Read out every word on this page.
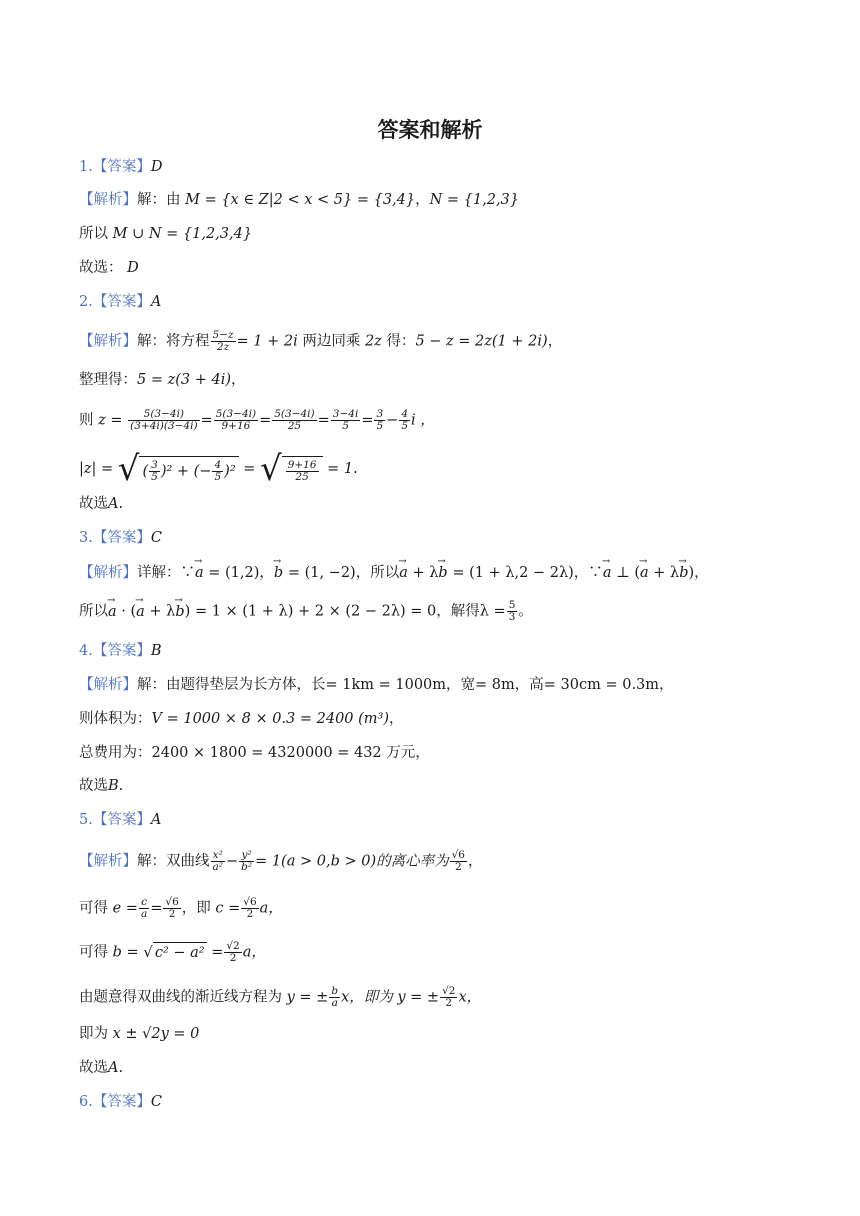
答案和解析
1.【答案】D
【解析】解：由 M = {x ∈ Z|2 < x < 5} = {3,4}，N = {1,2,3}
所以 M ∪ N = {1,2,3,4}
故选： D
2.【答案】A
【解析】解：将方程 $\frac{5-z}{2z} = 1 + 2i$ 两边同乘 2z 得：5 − z = 2z(1 + 2i)，
整理得：5 = z(3 + 4i)，
则 $z = \frac{5(3-4i)}{(3+4i)(3-4i)} = \frac{5(3-4i)}{9+16} = \frac{5(3-4i)}{25} = \frac{3-4i}{5} = \frac{3}{5} - \frac{4}{5}$ i ，
|z| = √ ( $\frac{3}{5} )^2$ + (− $\frac{4}{5} )^2$ = √ $\frac{9+16}{25} = 1$.
故选A.
3.【答案】C
【解析】详解：∵→ a = (1,2)，→ b = (1, −2)，所以→ a + λ→ b = (1 + λ,2 − 2λ)，∵→ a ⊥ (→ a + λ→ b)，
所以→ a · (→ a + λ→ b) = 1 × (1 + λ) + 2 × (2 − 2λ) = 0，解得$\lambda = \frac{5}{3}$ 。
4.【答案】B
【解析】解：由题得垫层为长方体，长= 1km = 1000m，宽= 8m，高= 30cm = 0.3m，
则体积为：V = 1000 × 8 × 0.3 = 2400 (m³)，
总费用为：2400 × 1800 = 4320000 = 432 万元，
故选B.
5.【答案】A
【解析】解：双曲线 $\frac{\text{x²}}{\text{a²}} - \frac{\text{y²}}{\text{b²}} = 1(a > 0,b > 0)$的离心率为 $\frac{√6}{2}$ ，
可得 $e = \frac{c}{a} = \frac{√6}{2}$ ，即 $c = \frac{√6}{2}$ a，
可得 b = √ $c^2 - a^2 = \frac{√2}{2}$ a，
由题意得双曲线的渐近线方程为 y = ± $\frac{b}{a}$ x，即为 y = ± $\frac{√2}{2}$ x，
即为 x ± √2y = 0
故选A.
6.【答案】C
